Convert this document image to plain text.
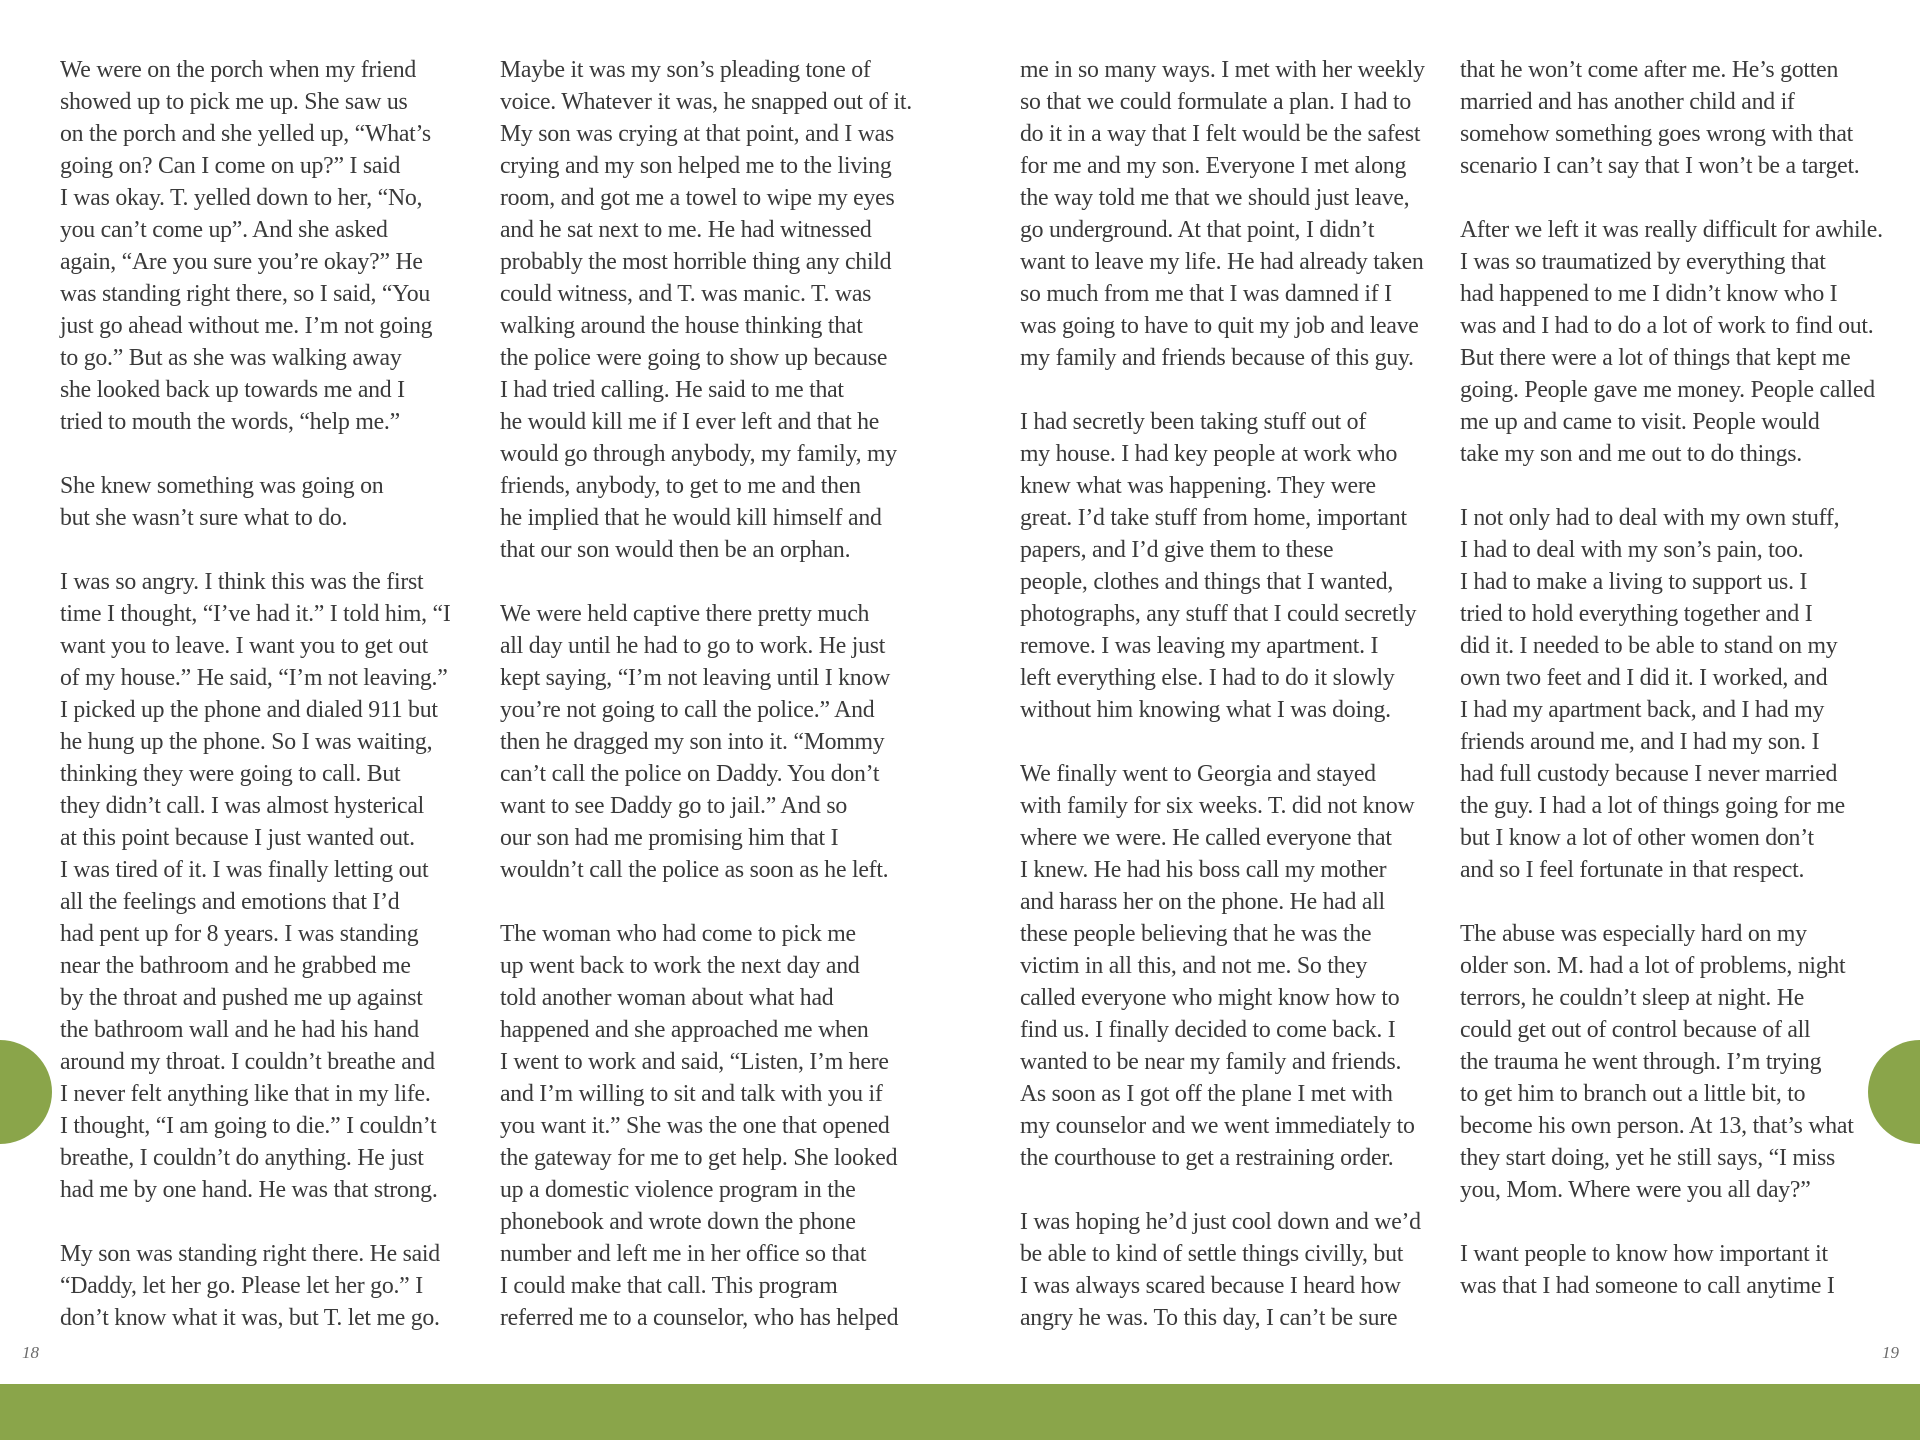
We were on the porch when my friend
showed up to pick me up. She saw us
on the porch and she yelled up, “What’s
going on? Can I come on up?” I said
I was okay. T. yelled down to her, “No,
you can’t come up”. And she asked
again, “Are you sure you’re okay?” He
was standing right there, so I said, “You
just go ahead without me. I’m not going
to go.” But as she was walking away
she looked back up towards me and I
tried to mouth the words, “help me.”

She knew something was going on
but she wasn’t sure what to do.

I was so angry. I think this was the first
time I thought, “I’ve had it.” I told him, “I
want you to leave. I want you to get out
of my house.” He said, “I’m not leaving.”
I picked up the phone and dialed 911 but
he hung up the phone. So I was waiting,
thinking they were going to call. But
they didn’t call. I was almost hysterical
at this point because I just wanted out.
I was tired of it. I was finally letting out
all the feelings and emotions that I’d
had pent up for 8 years. I was standing
near the bathroom and he grabbed me
by the throat and pushed me up against
the bathroom wall and he had his hand
around my throat. I couldn’t breathe and
I never felt anything like that in my life.
I thought, “I am going to die.” I couldn’t
breathe, I couldn’t do anything. He just
had me by one hand. He was that strong.

My son was standing right there. He said
“Daddy, let her go. Please let her go.” I
don’t know what it was, but T. let me go.

Maybe it was my son’s pleading tone of
voice. Whatever it was, he snapped out of it.
My son was crying at that point, and I was
crying and my son helped me to the living
room, and got me a towel to wipe my eyes
and he sat next to me. He had witnessed
probably the most horrible thing any child
could witness, and T. was manic. T. was
walking around the house thinking that
the police were going to show up because
I had tried calling. He said to me that
he would kill me if I ever left and that he
would go through anybody, my family, my
friends, anybody, to get to me and then
he implied that he would kill himself and
that our son would then be an orphan.

We were held captive there pretty much
all day until he had to go to work. He just
kept saying, “I’m not leaving until I know
you’re not going to call the police.” And
then he dragged my son into it. “Mommy
can’t call the police on Daddy. You don’t
want to see Daddy go to jail.” And so
our son had me promising him that I
wouldn’t call the police as soon as he left.

The woman who had come to pick me
up went back to work the next day and
told another woman about what had
happened and she approached me when
I went to work and said, “Listen, I’m here
and I’m willing to sit and talk with you if
you want it.” She was the one that opened
the gateway for me to get help. She looked
up a domestic violence program in the
phonebook and wrote down the phone
number and left me in her office so that
I could make that call. This program
referred me to a counselor, who has helped

me in so many ways. I met with her weekly
so that we could formulate a plan. I had to
do it in a way that I felt would be the safest
for me and my son. Everyone I met along
the way told me that we should just leave,
go underground. At that point, I didn’t
want to leave my life. He had already taken
so much from me that I was damned if I
was going to have to quit my job and leave
my family and friends because of this guy.

I had secretly been taking stuff out of
my house. I had key people at work who
knew what was happening. They were
great. I’d take stuff from home, important
papers, and I’d give them to these
people, clothes and things that I wanted,
photographs, any stuff that I could secretly
remove. I was leaving my apartment. I
left everything else. I had to do it slowly
without him knowing what I was doing.

We finally went to Georgia and stayed
with family for six weeks. T. did not know
where we were. He called everyone that
I knew. He had his boss call my mother
and harass her on the phone. He had all
these people believing that he was the
victim in all this, and not me. So they
called everyone who might know how to
find us. I finally decided to come back. I
wanted to be near my family and friends.
As soon as I got off the plane I met with
my counselor and we went immediately to
the courthouse to get a restraining order.

I was hoping he’d just cool down and we’d
be able to kind of settle things civilly, but
I was always scared because I heard how
angry he was. To this day, I can’t be sure

that he won’t come after me. He’s gotten
married and has another child and if
somehow something goes wrong with that
scenario I can’t say that I won’t be a target.

After we left it was really difficult for awhile.
I was so traumatized by everything that
had happened to me I didn’t know who I
was and I had to do a lot of work to find out.
But there were a lot of things that kept me
going. People gave me money. People called
me up and came to visit. People would
take my son and me out to do things.

I not only had to deal with my own stuff,
I had to deal with my son’s pain, too.
I had to make a living to support us. I
tried to hold everything together and I
did it. I needed to be able to stand on my
own two feet and I did it. I worked, and
I had my apartment back, and I had my
friends around me, and I had my son. I
had full custody because I never married
the guy. I had a lot of things going for me
but I know a lot of other women don’t
and so I feel fortunate in that respect.

The abuse was especially hard on my
older son. M. had a lot of problems, night
terrors, he couldn’t sleep at night. He
could get out of control because of all
the trauma he went through. I’m trying
to get him to branch out a little bit, to
become his own person. At 13, that’s what
they start doing, yet he still says, “I miss
you, Mom. Where were you all day?”

I want people to know how important it
was that I had someone to call anytime I

18	19
